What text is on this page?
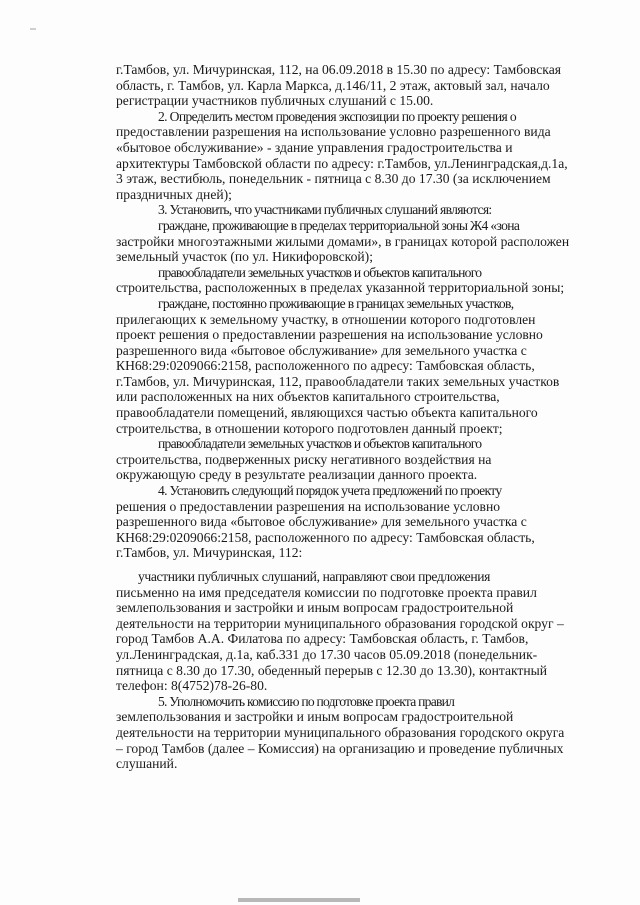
г.Тамбов, ул. Мичуринская, 112, на 06.09.2018 в 15.30 по адресу: Тамбовская
область, г. Тамбов, ул. Карла Маркса, д.146/11, 2 этаж, актовый зал, начало
регистрации участников публичных слушаний с 15.00.
2. Определить местом проведения экспозиции по проекту решения о
предоставлении разрешения на использование условно разрешенного вида
«бытовое обслуживание» - здание управления градостроительства и
архитектуры Тамбовской области по адресу: г.Тамбов, ул.Ленинградская,д.1а,
3 этаж, вестибюль, понедельник - пятница с 8.30 до 17.30 (за исключением
праздничных дней);
3. Установить, что участниками публичных слушаний являются:
граждане, проживающие в пределах территориальной зоны Ж4 «зона
застройки многоэтажными жилыми домами», в границах которой расположен
земельный участок (по ул. Никифоровской);
правообладатели земельных участков и объектов капитального
строительства, расположенных в пределах указанной территориальной зоны;
граждане, постоянно проживающие в границах земельных участков,
прилегающих к земельному участку, в отношении которого подготовлен
проект решения о предоставлении разрешения на использование условно
разрешенного вида «бытовое обслуживание» для земельного участка с
КН68:29:0209066:2158, расположенного по адресу: Тамбовская область,
г.Тамбов, ул. Мичуринская, 112, правообладатели таких земельных участков
или расположенных на них объектов капитального строительства,
правообладатели помещений, являющихся частью объекта капитального
строительства, в отношении которого подготовлен данный проект;
правообладатели земельных участков и объектов капитального
строительства, подверженных риску негативного воздействия на
окружающую среду в результате реализации данного проекта.
4. Установить следующий порядок учета предложений по проекту
решения о предоставлении разрешения на использование условно
разрешенного вида «бытовое обслуживание» для земельного участка с
КН68:29:0209066:2158, расположенного по адресу: Тамбовская область,
г.Тамбов, ул. Мичуринская, 112:
участники публичных слушаний, направляют свои предложения
письменно на имя председателя комиссии по подготовке проекта правил
землепользования и застройки и иным вопросам градостроительной
деятельности на территории муниципального образования городской округ –
город Тамбов А.А. Филатова по адресу: Тамбовская область, г. Тамбов,
ул.Ленинградская, д.1а, каб.331 до 17.30 часов 05.09.2018 (понедельник-
пятница с 8.30 до 17.30, обеденный перерыв с 12.30 до 13.30), контактный
телефон: 8(4752)78-26-80.
5. Уполномочить комиссию по подготовке проекта правил
землепользования и застройки и иным вопросам градостроительной
деятельности на территории муниципального образования городского округа
– город Тамбов (далее – Комиссия) на организацию и проведение публичных
слушаний.
